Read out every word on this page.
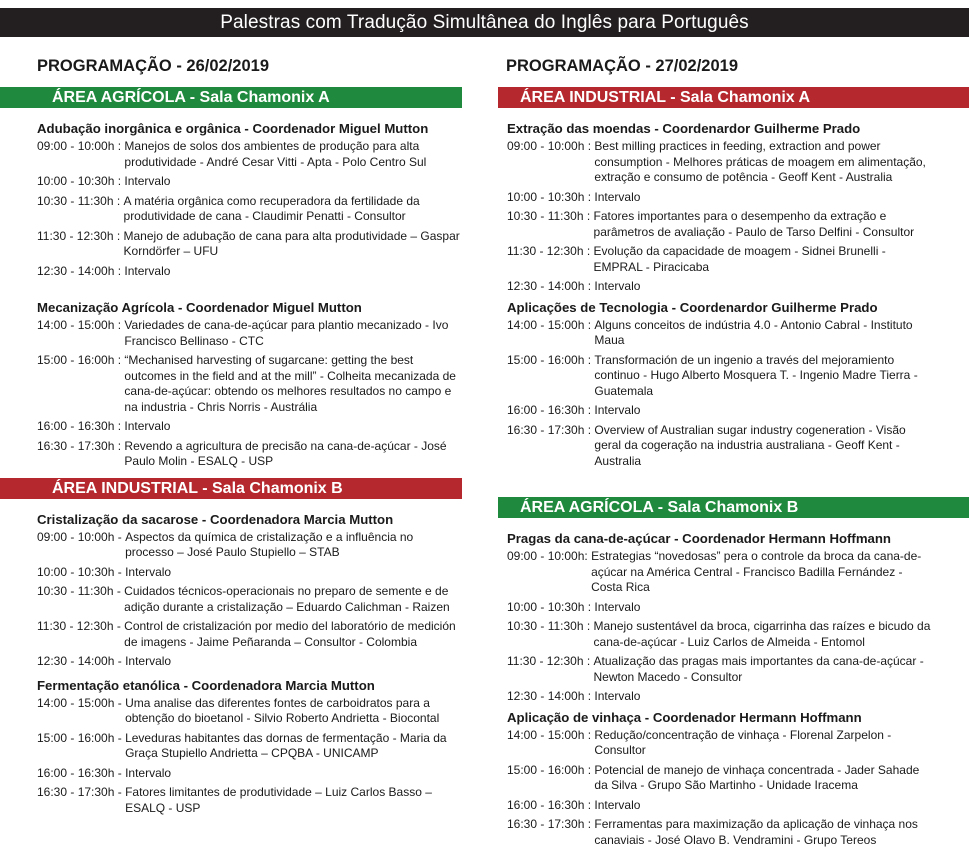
Palestras com Tradução Simultânea do Inglês para Português
PROGRAMAÇÃO - 26/02/2019
ÁREA AGRÍCOLA - Sala Chamonix A
Adubação inorgânica e orgânica - Coordenador Miguel Mutton
09:00 - 10:00h : Manejos de solos dos ambientes de produção para alta produtividade - André Cesar Vitti - Apta - Polo Centro Sul
10:00 - 10:30h : Intervalo
10:30 - 11:30h : A matéria orgânica como recuperadora da fertilidade da produtividade de cana - Claudimir Penatti - Consultor
11:30 - 12:30h : Manejo de adubação de cana para alta produtividade – Gaspar Korndörfer – UFU
12:30 - 14:00h : Intervalo
Mecanização Agrícola - Coordenador Miguel Mutton
14:00 - 15:00h : Variedades de cana-de-açúcar para plantio mecanizado - Ivo Francisco Bellinaso - CTC
15:00 - 16:00h : “Mechanised harvesting of sugarcane: getting the best outcomes in the field and at the mill” - Colheita mecanizada de cana-de-açúcar: obtendo os melhores resultados no campo e na industria - Chris Norris - Austrália
16:00 - 16:30h : Intervalo
16:30 - 17:30h : Revendo a agricultura de precisão na cana-de-açúcar - José Paulo Molin - ESALQ - USP
ÁREA INDUSTRIAL - Sala Chamonix B
Cristalização da sacarose - Coordenadora Marcia Mutton
09:00 - 10:00h - Aspectos da química de cristalização e a influência no processo – José Paulo Stupiello – STAB
10:00 - 10:30h - Intervalo
10:30 - 11:30h - Cuidados técnicos-operacionais no preparo de semente e de adição durante a cristalização – Eduardo Calichman - Raizen
11:30 - 12:30h - Control de cristalización por medio del laboratório de medición de imagens - Jaime Peñaranda – Consultor - Colombia
12:30 - 14:00h - Intervalo
Fermentação etanólica - Coordenadora Marcia Mutton
14:00 - 15:00h - Uma analise das diferentes fontes de carboidratos para a obtenção do bioetanol - Silvio Roberto Andrietta - Biocontal
15:00 - 16:00h - Leveduras habitantes das dornas de fermentação - Maria da Graça Stupiello Andrietta – CPQBA - UNICAMP
16:00 - 16:30h - Intervalo
16:30 - 17:30h - Fatores limitantes de produtividade – Luiz Carlos Basso – ESALQ - USP
PROGRAMAÇÃO - 27/02/2019
ÁREA INDUSTRIAL - Sala Chamonix A
Extração das moendas - Coordenardor Guilherme Prado
09:00 - 10:00h : Best milling practices in feeding, extraction and power consumption - Melhores práticas de moagem em alimentação, extração e consumo de potência - Geoff Kent - Australia
10:00 - 10:30h : Intervalo
10:30 - 11:30h : Fatores importantes para o desempenho da extração e parâmetros de avaliação - Paulo de Tarso Delfini - Consultor
11:30 - 12:30h : Evolução da capacidade de moagem - Sidnei Brunelli - EMPRAL - Piracicaba
12:30 - 14:00h : Intervalo
Aplicações de Tecnologia - Coordenardor Guilherme Prado
14:00 - 15:00h : Alguns conceitos de indústria 4.0 - Antonio Cabral - Instituto Maua
15:00 - 16:00h : Transformación de un ingenio a través del mejoramiento continuo - Hugo Alberto Mosquera T. - Ingenio Madre Tierra - Guatemala
16:00 - 16:30h : Intervalo
16:30 - 17:30h : Overview of Australian sugar industry cogeneration - Visão geral da cogeração na industria australiana - Geoff Kent - Australia
ÁREA AGRÍCOLA - Sala Chamonix B
Pragas da cana-de-açúcar - Coordenador Hermann Hoffmann
09:00 - 10:00h: Estrategias “novedosas” pera o controle da broca da cana-de-açúcar na América Central - Francisco Badilla Fernández - Costa Rica
10:00 - 10:30h : Intervalo
10:30 - 11:30h : Manejo sustentável da broca, cigarrinha das raízes e bicudo da cana-de-açúcar - Luiz Carlos de Almeida - Entomol
11:30 - 12:30h : Atualização das pragas mais importantes da cana-de-açúcar - Newton Macedo - Consultor
12:30 - 14:00h : Intervalo
Aplicação de vinhaça - Coordenador Hermann Hoffmann
14:00 - 15:00h : Redução/concentração de vinhaça - Florenal Zarpelon - Consultor
15:00 - 16:00h : Potencial de manejo de vinhaça concentrada - Jader Sahade da Silva - Grupo São Martinho - Unidade Iracema
16:00 - 16:30h : Intervalo
16:30 - 17:30h : Ferramentas para maximização da aplicação de vinhaça nos canaviais - José Olavo B. Vendramini - Grupo Tereos
